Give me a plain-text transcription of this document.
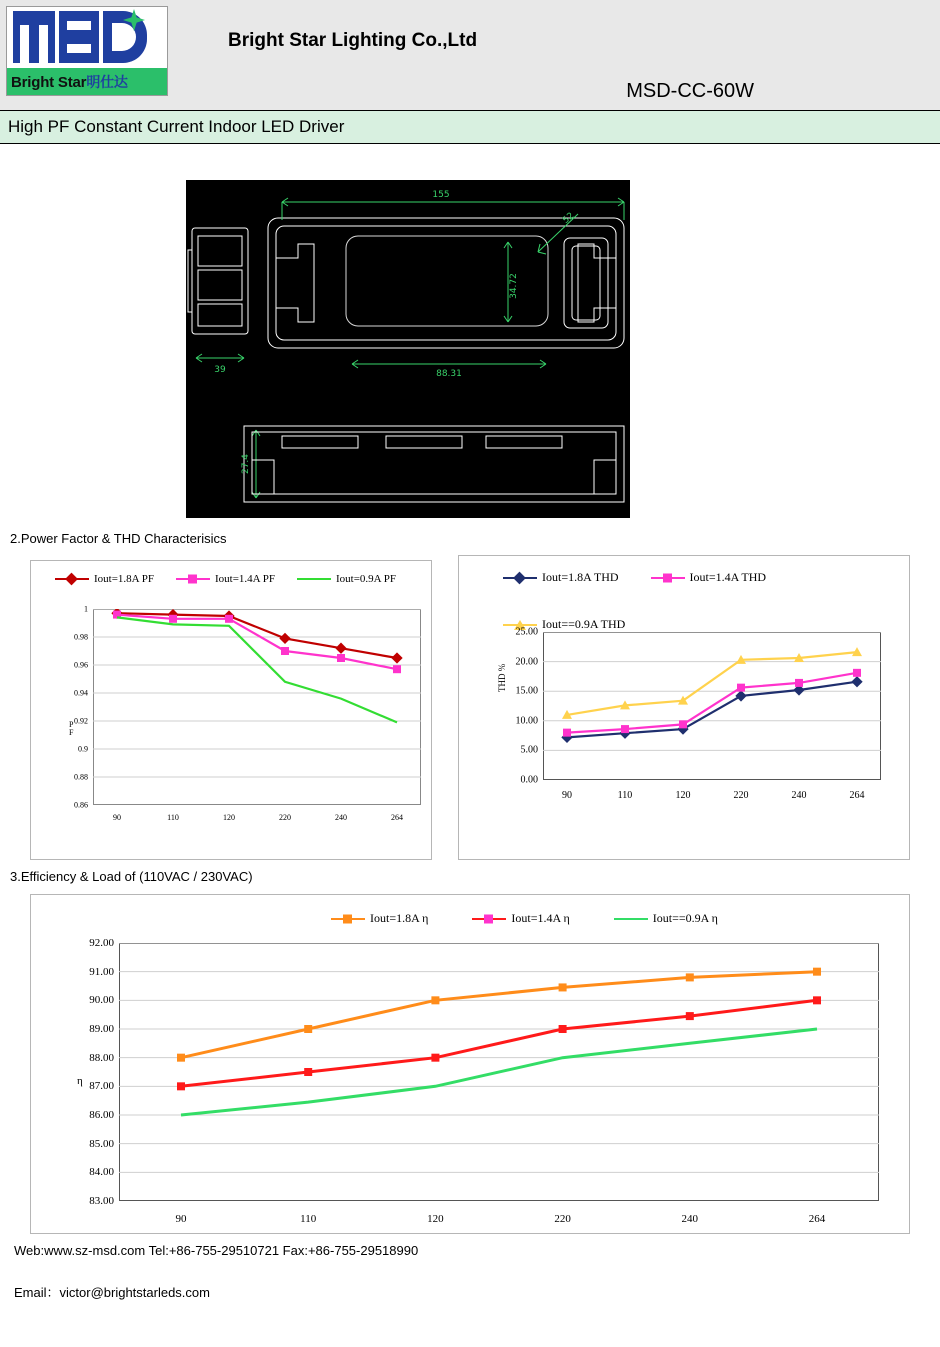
Bright Star明仕达
Bright Star Lighting Co.,Ltd
MSD-CC-60W
High PF Constant Current Indoor LED Driver
155
52
34.72
88.31
39
27.4
2.Power Factor & THD Characterisics
Iout=1.8A PF	Iout=1.4A PF	Iout=0.9A PF
P
F
1
0.98
0.96
0.94
0.92
0.9
0.88
0.86
90	110	120	220	240	264
Iout=1.8A THD	Iout=1.4A THD
Iout==0.9A THD
THD %
25.00
20.00
15.00
10.00
5.00
0.00
90	110	120	220	240	264
3.Efficiency & Load of (110VAC / 230VAC)
Iout=1.8A η	Iout=1.4A η	Iout==0.9A η
η
92.00
91.00
90.00
89.00
88.00
87.00
86.00
85.00
84.00
83.00
90	110	120	220	240	264
Web:www.sz-msd.com Tel:+86-755-29510721 Fax:+86-755-29518990
Email：victor@brightstarleds.com
